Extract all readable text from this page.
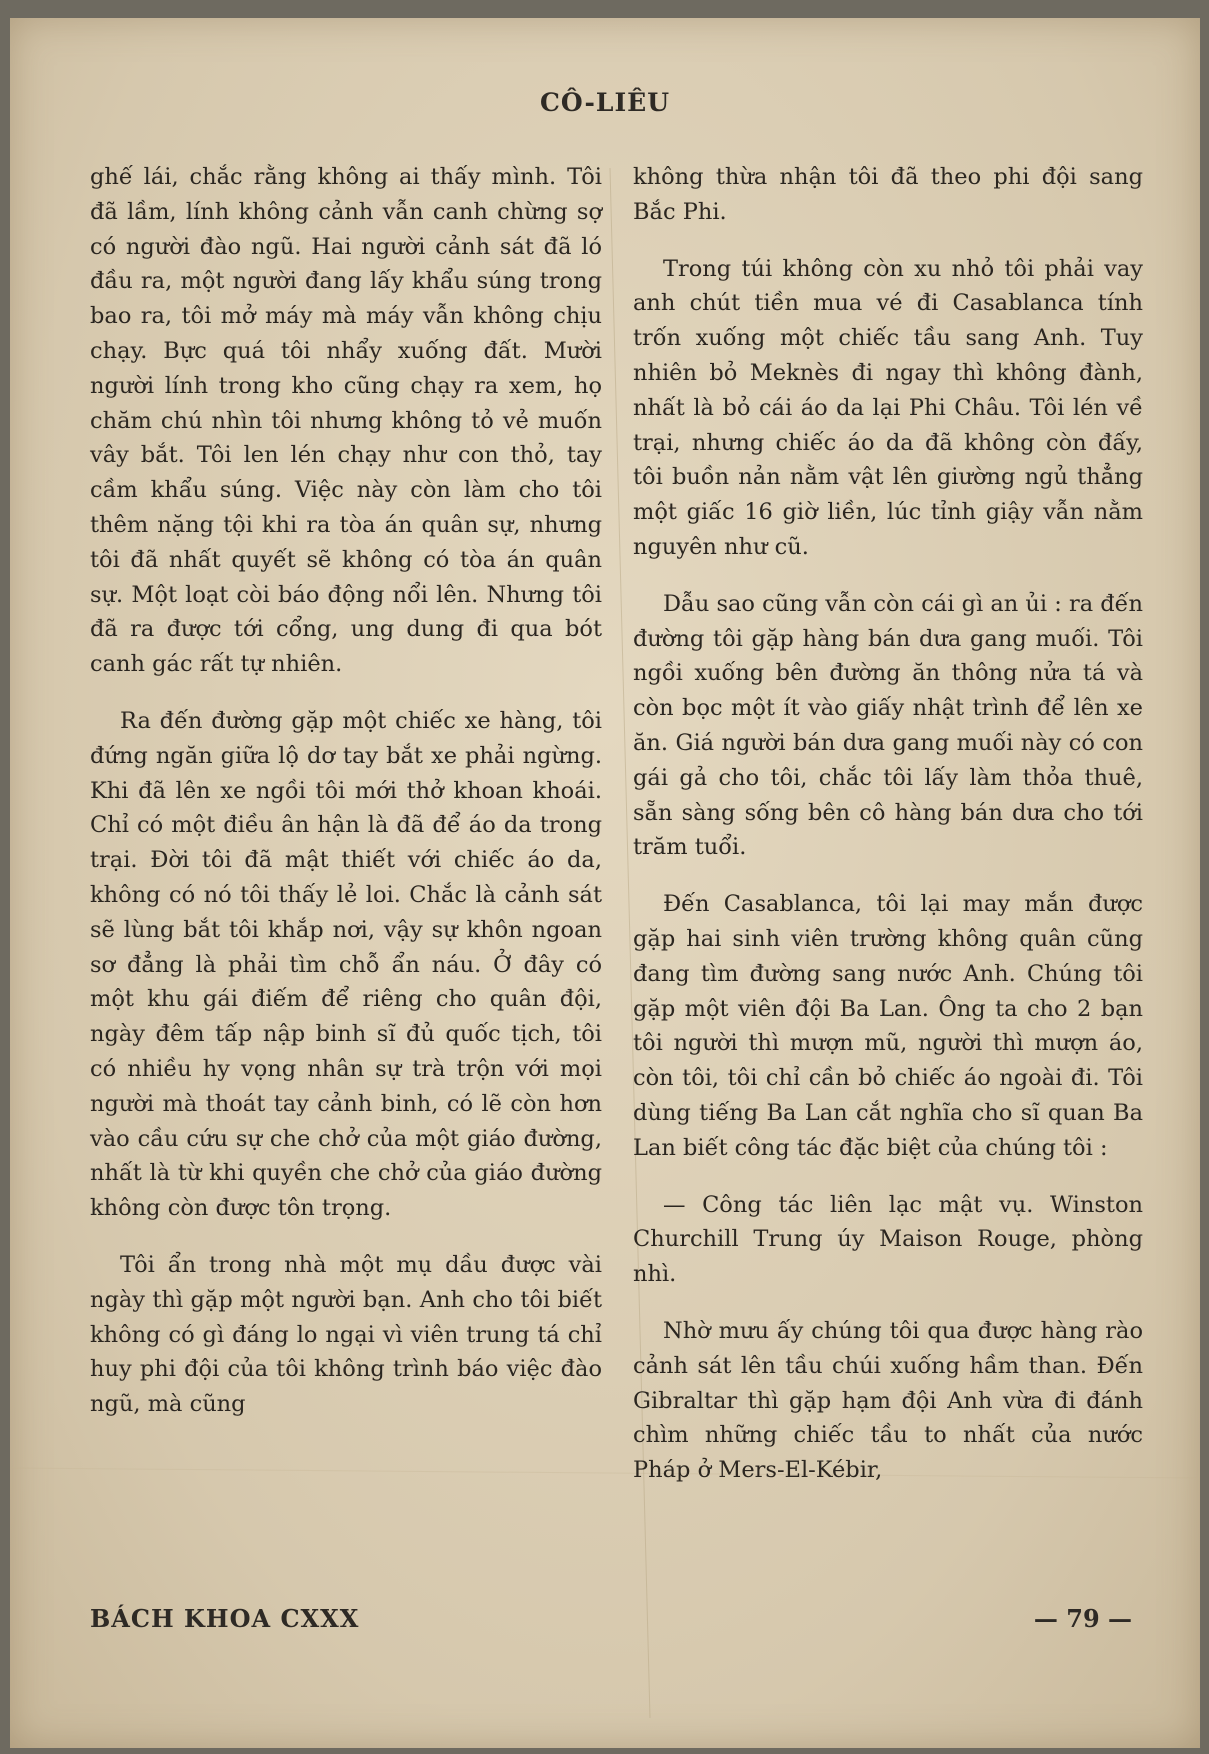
CÔ-LIÊU

ghế lái, chắc rằng không ai thấy mình. Tôi đã lầm, lính không cảnh vẫn canh chừng sợ có người đào ngũ. Hai người cảnh sát đã ló đầu ra, một người đang lấy khẩu súng trong bao ra, tôi mở máy mà máy vẫn không chịu chạy. Bực quá tôi nhẩy xuống đất. Mười người lính trong kho cũng chạy ra xem, họ chăm chú nhìn tôi nhưng không tỏ vẻ muốn vây bắt. Tôi len lén chạy như con thỏ, tay cầm khẩu súng. Việc này còn làm cho tôi thêm nặng tội khi ra tòa án quân sự, nhưng tôi đã nhất quyết sẽ không có tòa án quân sự. Một loạt còi báo động nổi lên. Nhưng tôi đã ra được tới cổng, ung dung đi qua bót canh gác rất tự nhiên.

Ra đến đường gặp một chiếc xe hàng, tôi đứng ngăn giữa lộ dơ tay bắt xe phải ngừng. Khi đã lên xe ngồi tôi mới thở khoan khoái. Chỉ có một điều ân hận là đã để áo da trong trại. Đời tôi đã mật thiết với chiếc áo da, không có nó tôi thấy lẻ loi. Chắc là cảnh sát sẽ lùng bắt tôi khắp nơi, vậy sự khôn ngoan sơ đẳng là phải tìm chỗ ẩn náu. Ở đây có một khu gái điếm để riêng cho quân đội, ngày đêm tấp nập binh sĩ đủ quốc tịch, tôi có nhiều hy vọng nhân sự trà trộn với mọi người mà thoát tay cảnh binh, có lẽ còn hơn vào cầu cứu sự che chở của một giáo đường, nhất là từ khi quyền che chở của giáo đường không còn được tôn trọng.

Tôi ẩn trong nhà một mụ dầu được vài ngày thì gặp một người bạn. Anh cho tôi biết không có gì đáng lo ngại vì viên trung tá chỉ huy phi đội của tôi không trình báo việc đào ngũ, mà cũng

không thừa nhận tôi đã theo phi đội sang Bắc Phi.

Trong túi không còn xu nhỏ tôi phải vay anh chút tiền mua vé đi Casablanca tính trốn xuống một chiếc tầu sang Anh. Tuy nhiên bỏ Meknès đi ngay thì không đành, nhất là bỏ cái áo da lại Phi Châu. Tôi lén về trại, nhưng chiếc áo da đã không còn đấy, tôi buồn nản nằm vật lên giường ngủ thẳng một giấc 16 giờ liền, lúc tỉnh giậy vẫn nằm nguyên như cũ.

Dẫu sao cũng vẫn còn cái gì an ủi : ra đến đường tôi gặp hàng bán dưa gang muối. Tôi ngồi xuống bên đường ăn thông nửa tá và còn bọc một ít vào giấy nhật trình để lên xe ăn. Giá người bán dưa gang muối này có con gái gả cho tôi, chắc tôi lấy làm thỏa thuê, sẵn sàng sống bên cô hàng bán dưa cho tới trăm tuổi.

Đến Casablanca, tôi lại may mắn được gặp hai sinh viên trường không quân cũng đang tìm đường sang nước Anh. Chúng tôi gặp một viên đội Ba Lan. Ông ta cho 2 bạn tôi người thì mượn mũ, người thì mượn áo, còn tôi, tôi chỉ cần bỏ chiếc áo ngoài đi. Tôi dùng tiếng Ba Lan cắt nghĩa cho sĩ quan Ba Lan biết công tác đặc biệt của chúng tôi :

— Công tác liên lạc mật vụ. Winston Churchill Trung úy Maison Rouge, phòng nhì.

Nhờ mưu ấy chúng tôi qua được hàng rào cảnh sát lên tầu chúi xuống hầm than. Đến Gibraltar thì gặp hạm đội Anh vừa đi đánh chìm những chiếc tầu to nhất của nước Pháp ở Mers-El-Kébir,

BÁCH KHOA CXXX	— 79 —
